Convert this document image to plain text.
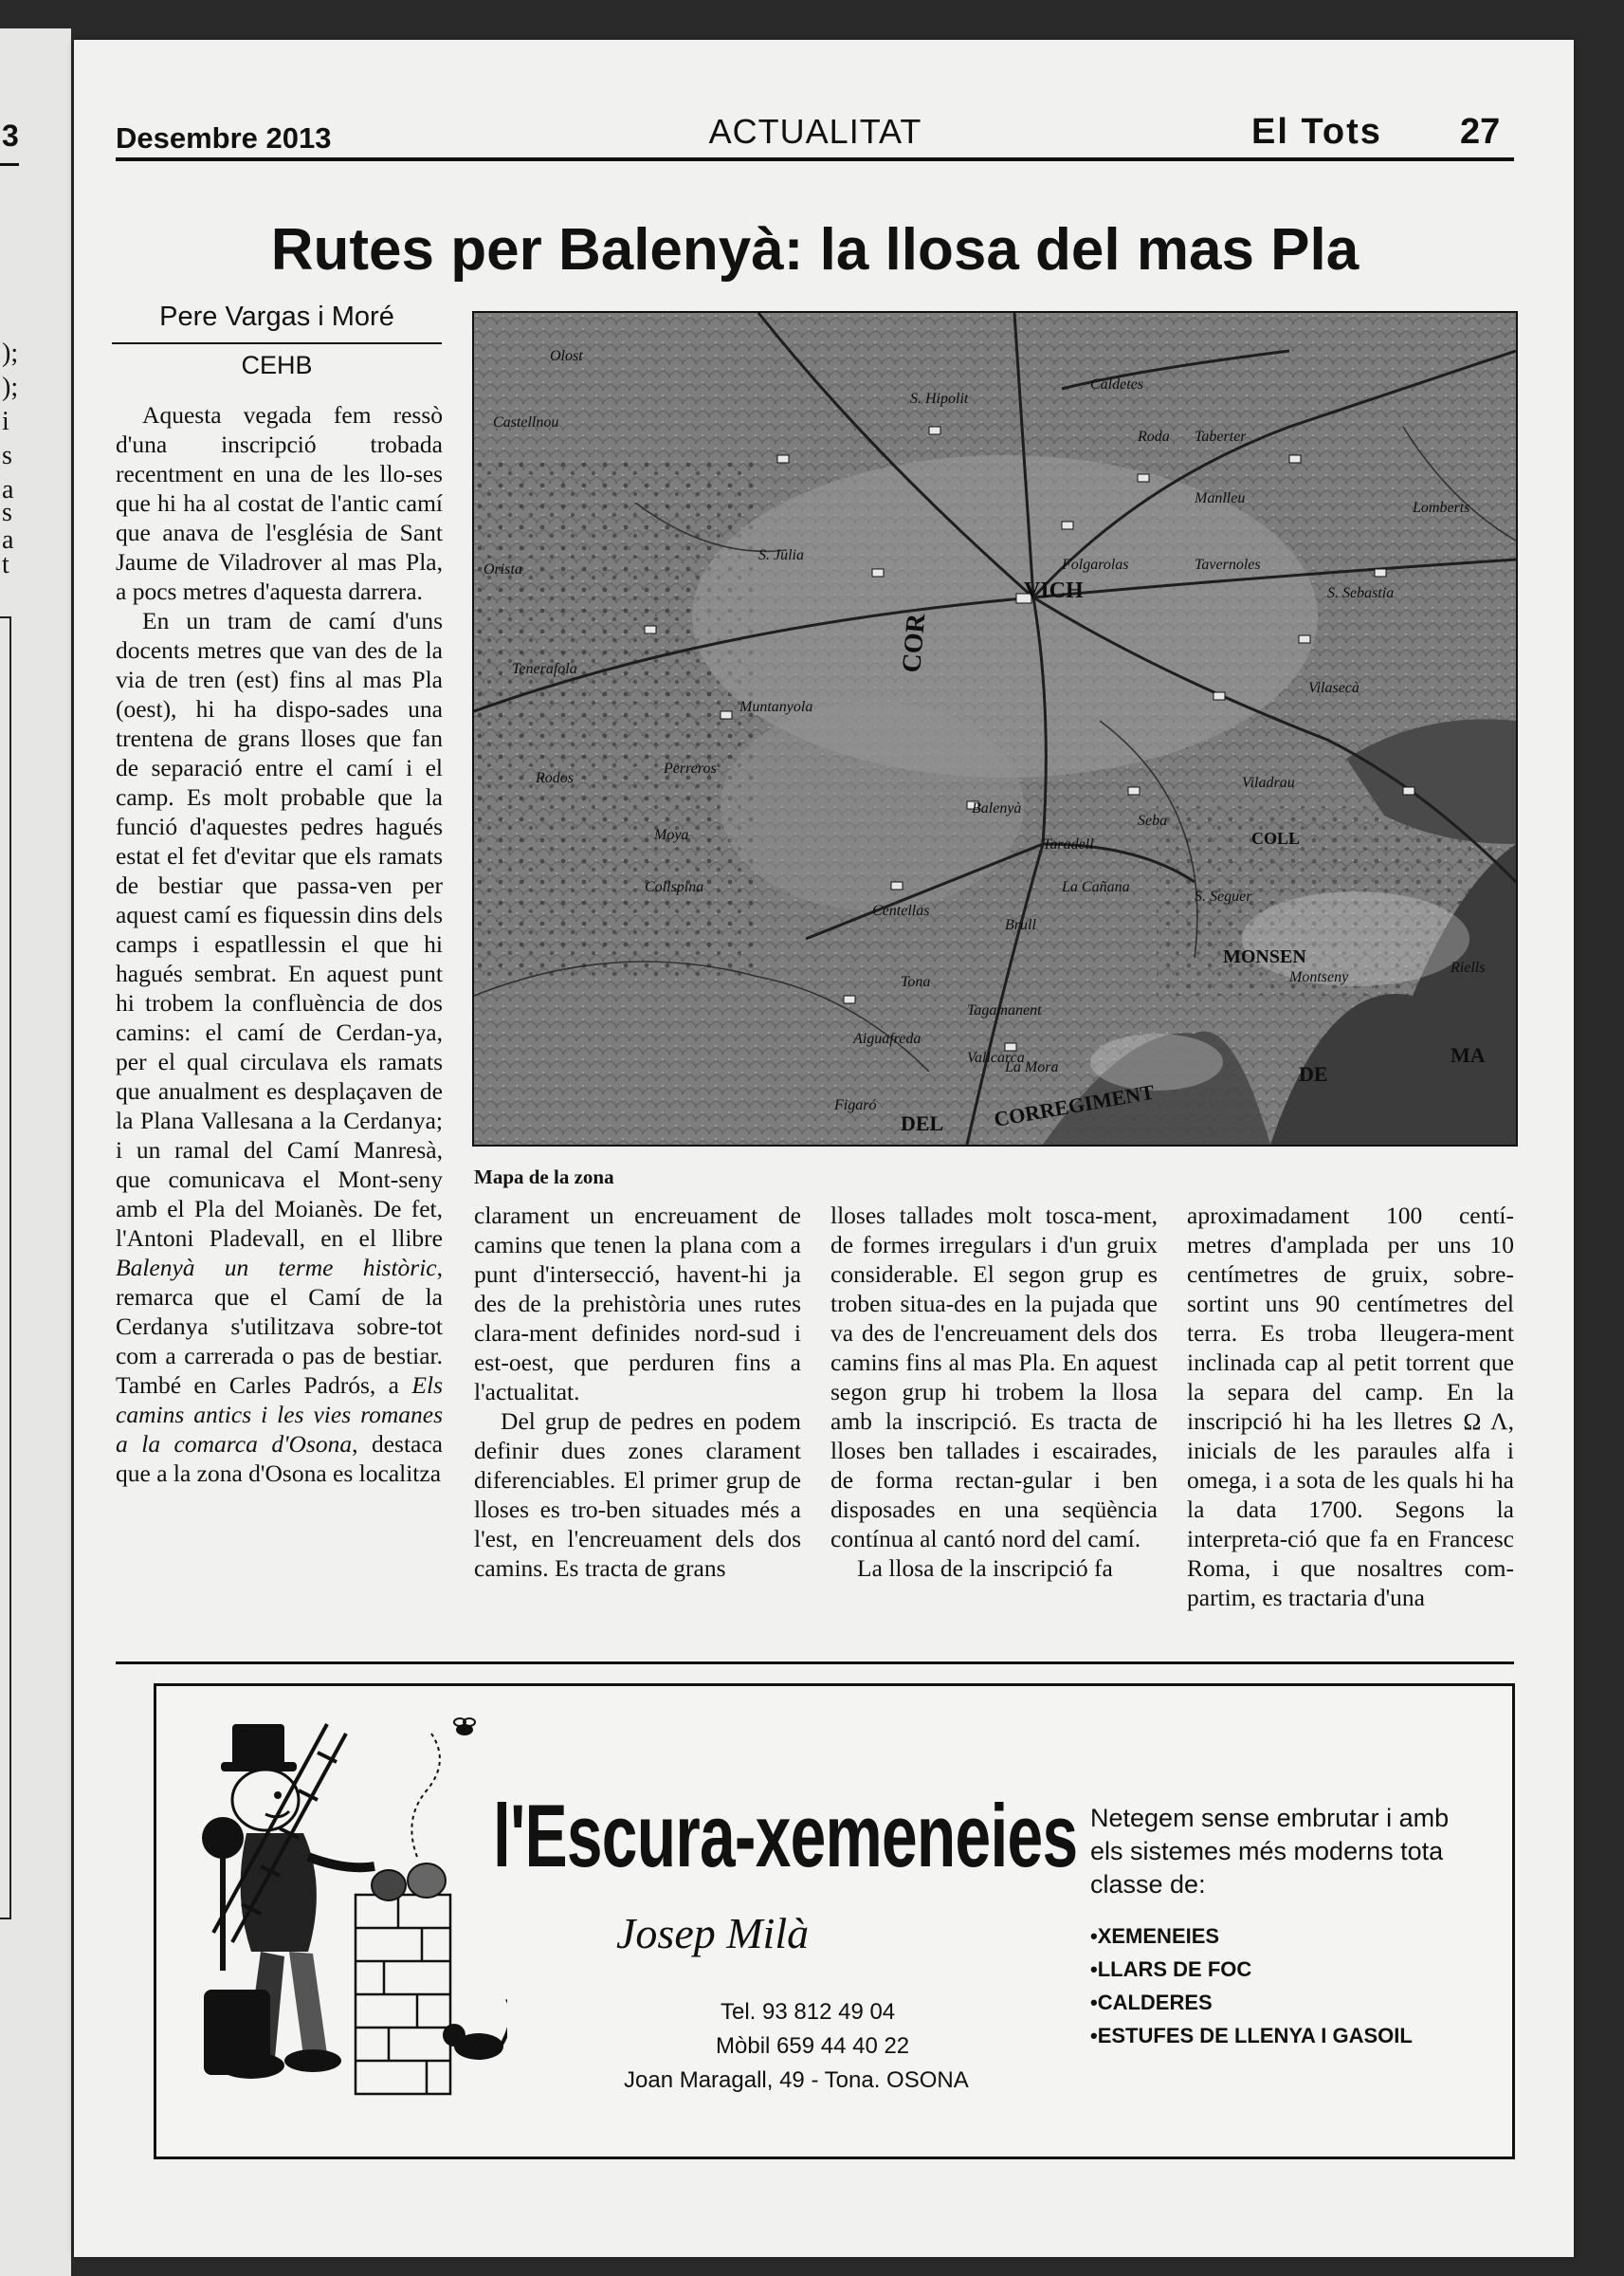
3
);
);
i
s
a
s
a
t
Desembre 2013	ACTUALITAT	El Tots 27
Rutes per Balenyà: la llosa del mas Pla
Pere Vargas i Moré
CEHB

Aquesta vegada fem ressò d'una inscripció trobada recentment en una de les llo-ses que hi ha al costat de l'antic camí que anava de l'església de Sant Jaume de Viladrover al mas Pla, a pocs metres d'aquesta darrera.

En un tram de camí d'uns docents metres que van des de la via de tren (est) fins al mas Pla (oest), hi ha dispo-sades una trentena de grans lloses que fan de separació entre el camí i el camp. Es molt probable que la funció d'aquestes pedres hagués estat el fet d'evitar que els ramats de bestiar que passa-ven per aquest camí es fiquessin dins dels camps i espatllessin el que hi hagués sembrat. En aquest punt hi trobem la confluència de dos camins: el camí de Cerdan-ya, per el qual circulava els ramats que anualment es desplaçaven de la Plana Vallesana a la Cerdanya; i un ramal del Camí Manresà, que comunicava el Mont-seny amb el Pla del Moianès. De fet, l'Antoni Pladevall, en el llibre Balenyà un terme històric, remarca que el Camí de la Cerdanya s'utilitzava sobre-tot com a carrerada o pas de bestiar. També en Carles Padrós, a Els camins antics i les vies romanes a la comarca d'Osona, destaca que a la zona d'Osona es localitza

VICH
Balenyà
COR
MONSEN
DEL CORREGIMENT
DE
MA
Folgarolas
Manlleu
Roda
Muntanyola
Perreros
Rodos
Centellas
Brull
La Cañana
Figaró
Aiguafreda
S. Julia
Collspina
Moya
Seba
Taradell
Viladrau
Montseny
Riells
S. Hipolit
Orista
Tenerafola
Tavernoles
Taberter
Lomberts
S. Seguer
Caldetes
Olost
Vallcarca
Tagamanent
Tona
La Mora
S. Sebastia
Vilasecà
Castellnou
COLL
Mapa de la zona

clarament un encreuament de camins que tenen la plana com a punt d'intersecció, havent-hi ja des de la prehistòria unes rutes clara-ment definides nord-sud i est-oest, que perduren fins a l'actualitat.

Del grup de pedres en podem definir dues zones clarament diferenciables. El primer grup de lloses es tro-ben situades més a l'est, en l'encreuament dels dos camins. Es tracta de grans

lloses tallades molt tosca-ment, de formes irregulars i d'un gruix considerable. El segon grup es troben situa-des en la pujada que va des de l'encreuament dels dos camins fins al mas Pla. En aquest segon grup hi trobem la llosa amb la inscripció. Es tracta de lloses ben tallades i escairades, de forma rectan-gular i ben disposades en una seqüència contínua al cantó nord del camí.

La llosa de la inscripció fa

aproximadament 100 centí-metres d'amplada per uns 10 centímetres de gruix, sobre-sortint uns 90 centímetres del terra. Es troba lleugera-ment inclinada cap al petit torrent que la separa del camp. En la inscripció hi ha les lletres Ω Λ, inicials de les paraules alfa i omega, i a sota de les quals hi ha la data 1700. Segons la interpreta-ció que fa en Francesc Roma, i que nosaltres com-partim, es tractaria d'una

l'Escura-xemeneies
Josep Milà
Tel. 93 812 49 04
Mòbil 659 44 40 22
Joan Maragall, 49 - Tona. OSONA
Netegem sense embrutar i amb els sistemes més moderns tota classe de:
• XEMENEIES
• LLARS DE FOC
• CALDERES
• ESTUFES DE LLENYA I GASOIL
